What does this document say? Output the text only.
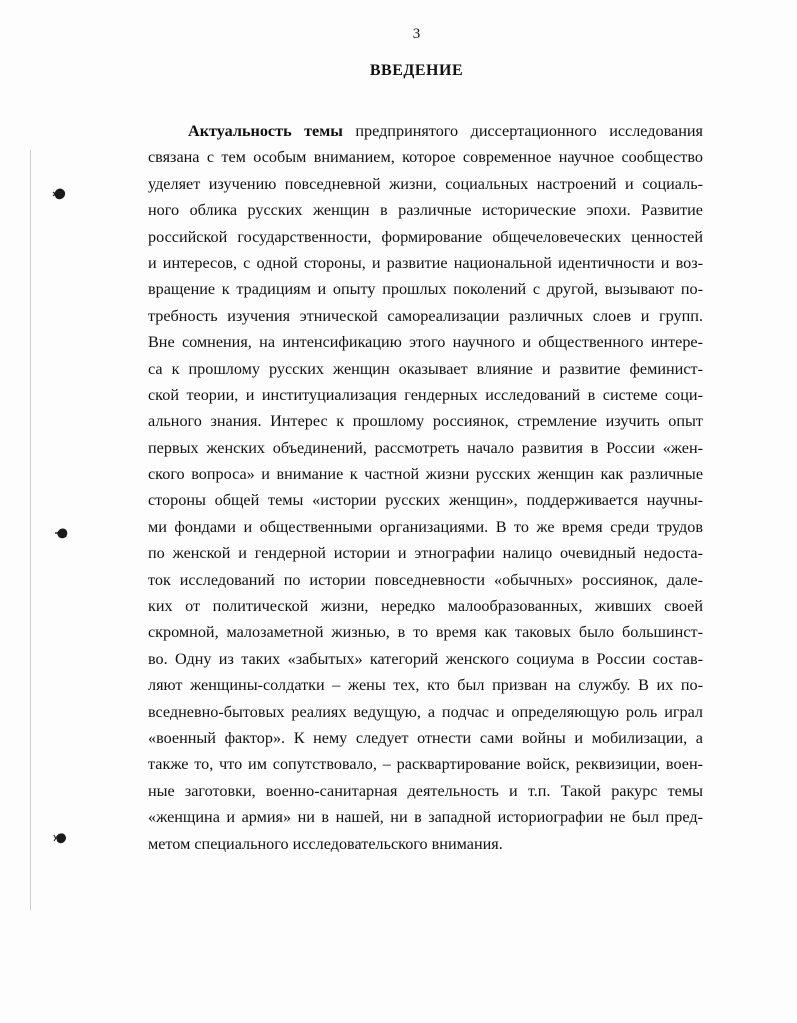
3
ВВЕДЕНИЕ
Актуальность темы предпринятого диссертационного исследования
связана с тем особым вниманием, которое современное научное сообщество
уделяет изучению повседневной жизни, социальных настроений и социаль-
ного облика русских женщин в различные исторические эпохи. Развитие
российской государственности, формирование общечеловеческих ценностей
и интересов, с одной стороны, и развитие национальной идентичности и воз-
вращение к традициям и опыту прошлых поколений с другой, вызывают по-
требность изучения этнической самореализации различных слоев и групп.
Вне сомнения, на интенсификацию этого научного и общественного интере-
са к прошлому русских женщин оказывает влияние и развитие феминист-
ской теории, и институциализация гендерных исследований в системе соци-
ального знания. Интерес к прошлому россиянок, стремление изучить опыт
первых женских объединений, рассмотреть начало развития в России «жен-
ского вопроса» и внимание к частной жизни русских женщин как различные
стороны общей темы «истории русских женщин», поддерживается научны-
ми фондами и общественными организациями. В то же время среди трудов
по женской и гендерной истории и этнографии налицо очевидный недоста-
ток исследований по истории повседневности «обычных» россиянок, дале-
ких от политической жизни, нередко малообразованных, живших своей
скромной, малозаметной жизнью, в то время как таковых было большинст-
во. Одну из таких «забытых» категорий женского социума в России состав-
ляют женщины-солдатки – жены тех, кто был призван на службу. В их по-
вседневно-бытовых реалиях ведущую, а подчас и определяющую роль играл
«военный фактор». К нему следует отнести сами войны и мобилизации, а
также то, что им сопутствовало, – расквартирование войск, реквизиции, воен-
ные заготовки, военно-санитарная деятельность и т.п. Такой ракурс темы
«женщина и армия» ни в нашей, ни в западной историографии не был пред-
метом специального исследовательского внимания.
